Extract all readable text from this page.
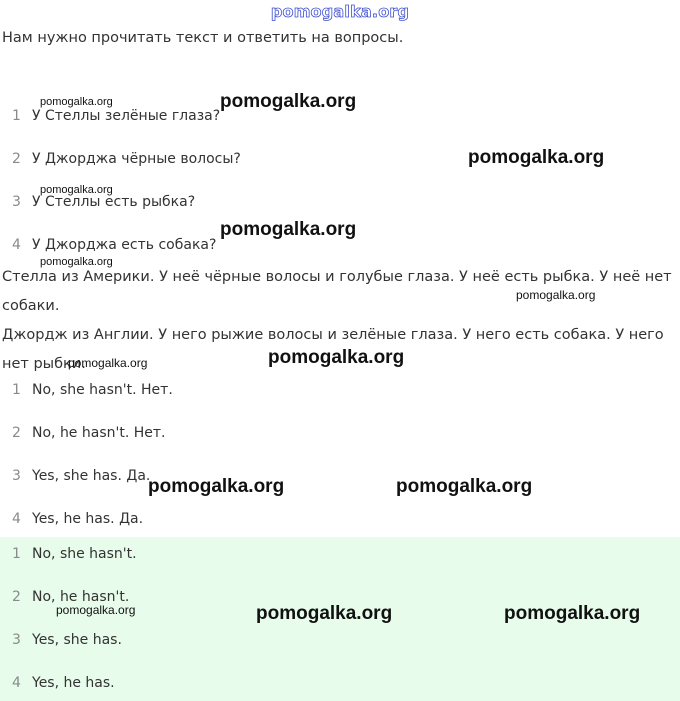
pomogalka.org
Нам нужно прочитать текст и ответить на вопросы.
1 У Стеллы зелёные глаза?
2 У Джорджа чёрные волосы?
3 У Стеллы есть рыбка?
4 У Джорджа есть собака?
Стелла из Америки. У неё чёрные волосы и голубые глаза. У неё есть рыбка. У неё нет собаки.
Джордж из Англии. У него рыжие волосы и зелёные глаза. У него есть собака. У него нет рыбки.
1 No, she hasn't. Нет.
2 No, he hasn't. Нет.
3 Yes, she has. Да.
4 Yes, he has. Да.
1 No, she hasn't.
2 No, he hasn't.
3 Yes, she has.
4 Yes, he has.
pomogalka.org	pomogalka.org
pomogalka.org
pomogalka.org
pomogalka.org
pomogalka.org
pomogalka.org
pomogalka.org	pomogalka.org
pomogalka.org	pomogalka.org
pomogalka.org	pomogalka.org	pomogalka.org
